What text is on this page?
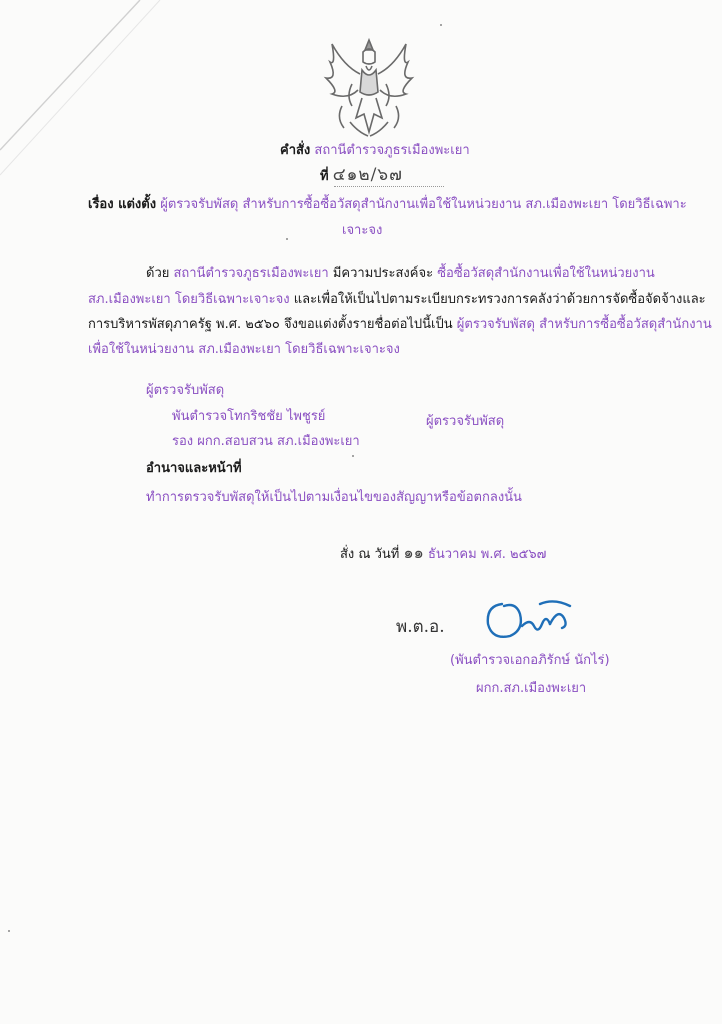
คำสั่ง สถานีตำรวจภูธรเมืองพะเยา
ที่ ๔๑๒/๖๗
เรื่อง แต่งตั้ง ผู้ตรวจรับพัสดุ สำหรับการซื้อซื้อวัสดุสำนักงานเพื่อใช้ในหน่วยงาน สภ.เมืองพะเยา โดยวิธีเฉพาะ
เจาะจง
ด้วย สถานีตำรวจภูธรเมืองพะเยา มีความประสงค์จะ ซื้อซื้อวัสดุสำนักงานเพื่อใช้ในหน่วยงาน
สภ.เมืองพะเยา โดยวิธีเฉพาะเจาะจง และเพื่อให้เป็นไปตามระเบียบกระทรวงการคลังว่าด้วยการจัดซื้อจัดจ้างและ
การบริหารพัสดุภาครัฐ พ.ศ. ๒๕๖๐ จึงขอแต่งตั้งรายชื่อต่อไปนี้เป็น ผู้ตรวจรับพัสดุ สำหรับการซื้อซื้อวัสดุสำนักงาน
เพื่อใช้ในหน่วยงาน สภ.เมืองพะเยา โดยวิธีเฉพาะเจาะจง
ผู้ตรวจรับพัสดุ
พันตำรวจโทกริชชัย ไพชูรย์	ผู้ตรวจรับพัสดุ
รอง ผกก.สอบสวน สภ.เมืองพะเยา
อำนาจและหน้าที่
ทำการตรวจรับพัสดุให้เป็นไปตามเงื่อนไขของสัญญาหรือข้อตกลงนั้น
สั่ง ณ วันที่ ๑๑ ธันวาคม พ.ศ. ๒๕๖๗
พ.ต.อ.
(พันตำรวจเอกอภิรักษ์ นักไร่)
ผกก.สภ.เมืองพะเยา
